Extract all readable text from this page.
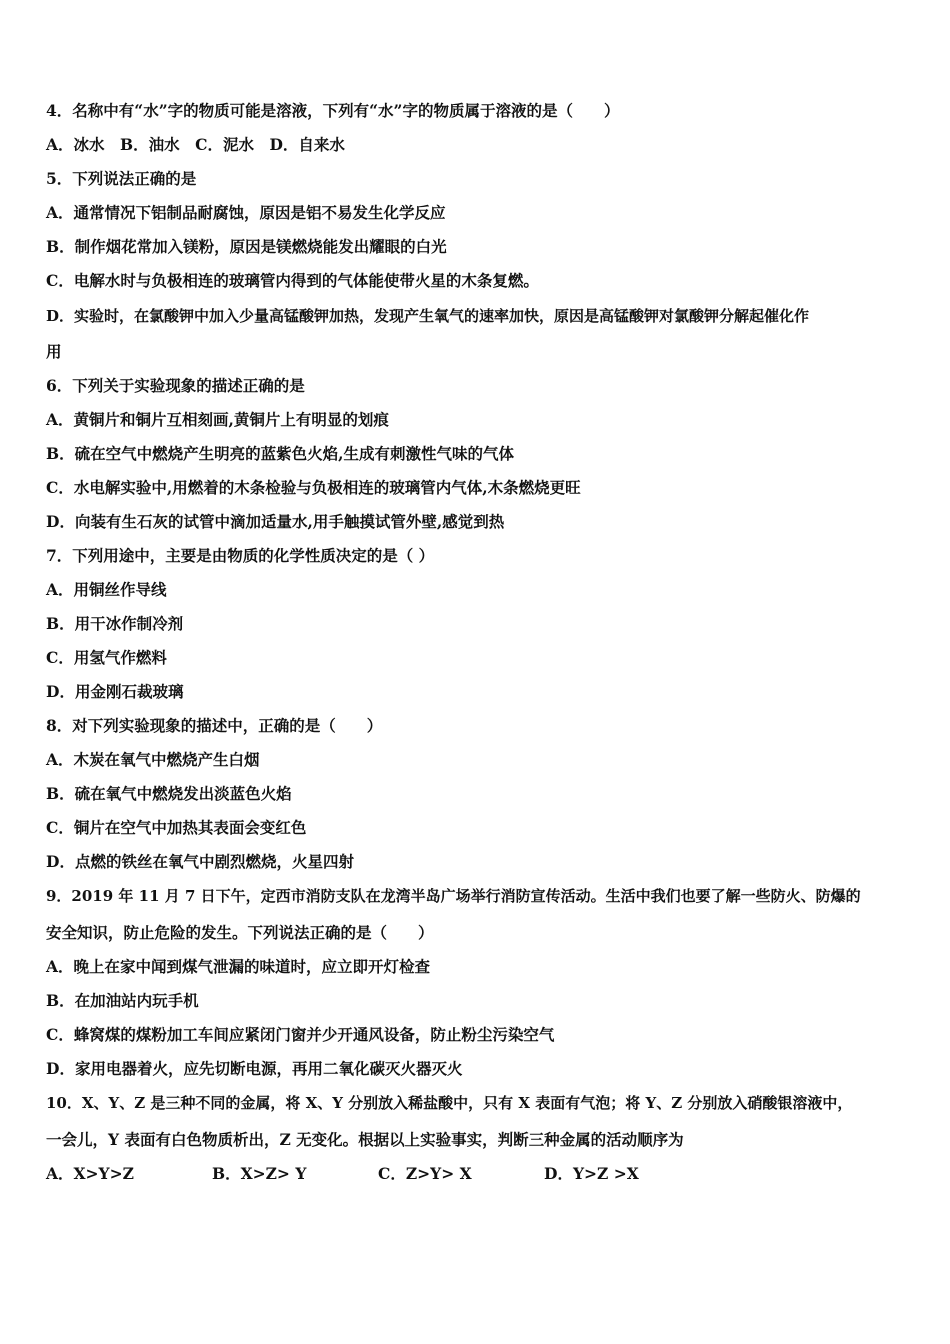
4．名称中有“水”字的物质可能是溶液，下列有“水”字的物质属于溶液的是（　　）
A．冰水　B．油水　C．泥水　D．自来水
5．下列说法正确的是
A．通常情况下铝制品耐腐蚀，原因是铝不易发生化学反应
B．制作烟花常加入镁粉，原因是镁燃烧能发出耀眼的白光
C．电解水时与负极相连的玻璃管内得到的气体能使带火星的木条复燃。
D．实验时，在氯酸钾中加入少量高锰酸钾加热，发现产生氧气的速率加快，原因是高锰酸钾对氯酸钾分解起催化作
用
6．下列关于实验现象的描述正确的是
A．黄铜片和铜片互相刻画,黄铜片上有明显的划痕
B．硫在空气中燃烧产生明亮的蓝紫色火焰,生成有刺激性气味的气体
C．水电解实验中,用燃着的木条检验与负极相连的玻璃管内气体,木条燃烧更旺
D．向装有生石灰的试管中滴加适量水,用手触摸试管外壁,感觉到热
7．下列用途中，主要是由物质的化学性质决定的是（ ）
A．用铜丝作导线
B．用干冰作制冷剂
C．用氢气作燃料
D．用金刚石裁玻璃
8．对下列实验现象的描述中，正确的是（　　）
A．木炭在氧气中燃烧产生白烟
B．硫在氧气中燃烧发出淡蓝色火焰
C．铜片在空气中加热其表面会变红色
D．点燃的铁丝在氧气中剧烈燃烧，火星四射
9．2019 年 11 月 7 日下午，定西市消防支队在龙湾半岛广场举行消防宣传活动。生活中我们也要了解一些防火、防爆的
安全知识，防止危险的发生。下列说法正确的是（　　）
A．晚上在家中闻到煤气泄漏的味道时，应立即开灯检查
B．在加油站内玩手机
C．蜂窝煤的煤粉加工车间应紧闭门窗并少开通风设备，防止粉尘污染空气
D．家用电器着火，应先切断电源，再用二氧化碳灭火器灭火
10．X、Y、Z 是三种不同的金属，将 X、Y 分别放入稀盐酸中，只有 X 表面有气泡；将 Y、Z 分别放入硝酸银溶液中，
一会儿，Y 表面有白色物质析出，Z 无变化。根据以上实验事实，判断三种金属的活动顺序为
A．X>Y>Z	B．X>Z> Y	C．Z>Y> X	D．Y>Z >X
